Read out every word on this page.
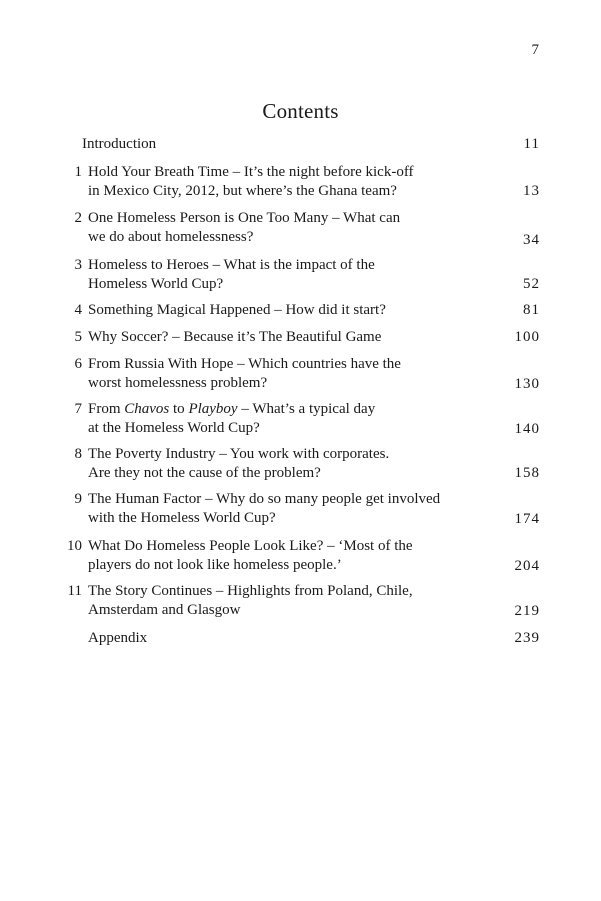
7
Contents
Introduction	11
1 Hold Your Breath Time – It’s the night before kick-off
in Mexico City, 2012, but where’s the Ghana team?	13
2 One Homeless Person is One Too Many – What can
we do about homelessness?	34
3 Homeless to Heroes – What is the impact of the
Homeless World Cup?	52
4 Something Magical Happened – How did it start?	81
5 Why Soccer? – Because it’s The Beautiful Game	100
6 From Russia With Hope – Which countries have the
worst homelessness problem?	130
7 From Chavos to Playboy – What’s a typical day
at the Homeless World Cup?	140
8 The Poverty Industry – You work with corporates.
Are they not the cause of the problem?	158
9 The Human Factor – Why do so many people get involved
with the Homeless World Cup?	174
10 What Do Homeless People Look Like? – ‘Most of the
players do not look like homeless people.’	204
11 The Story Continues – Highlights from Poland, Chile,
Amsterdam and Glasgow	219
Appendix	239
